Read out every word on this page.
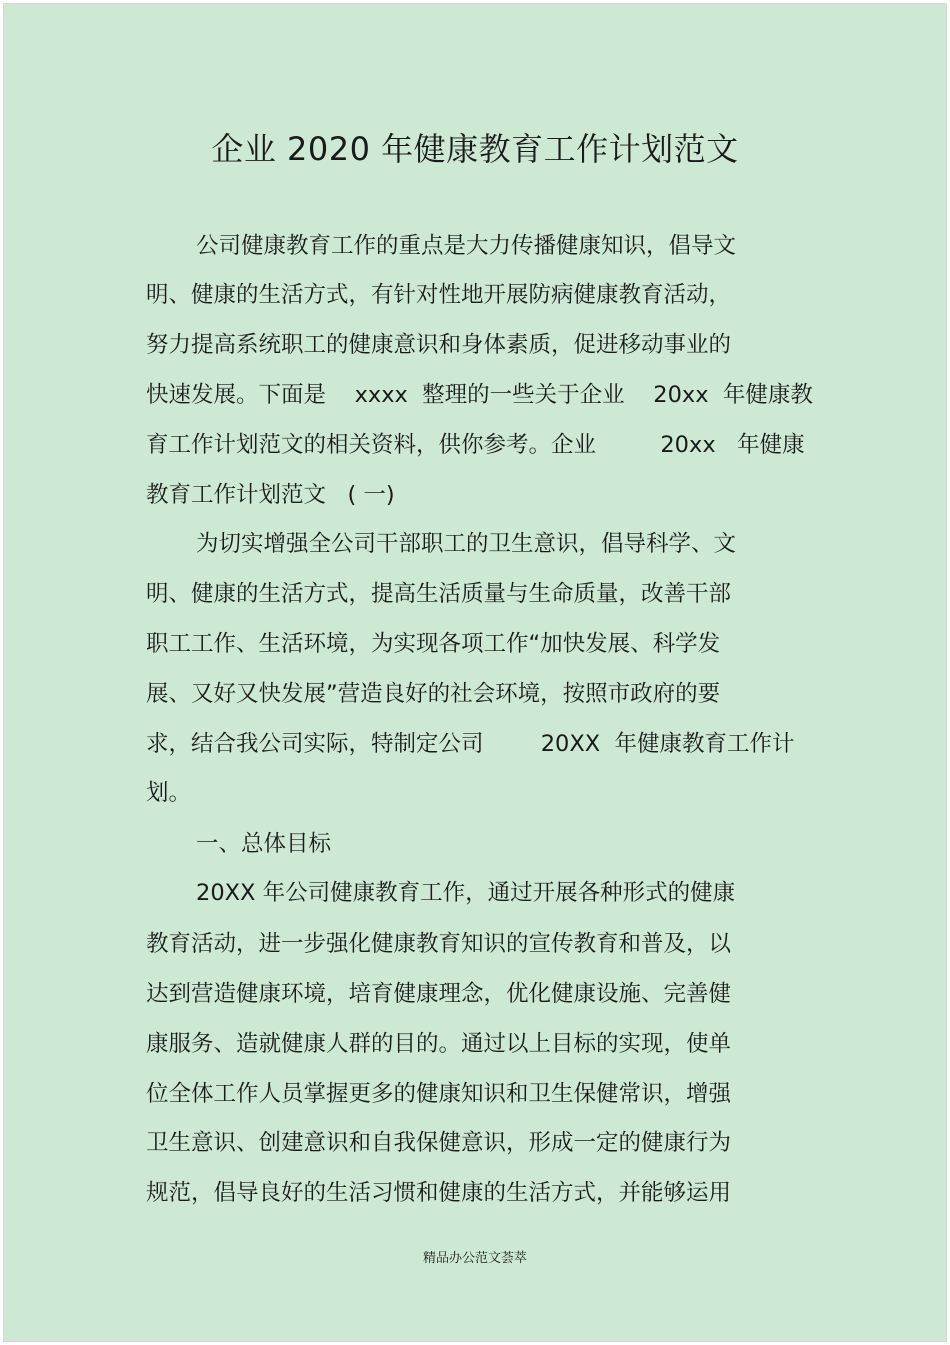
企业 2020 年健康教育工作计划范文

公司健康教育工作的重点是大力传播健康知识，倡导文

明、健康的生活方式，有针对性地开展防病健康教育活动，

努力提高系统职工的健康意识和身体素质，促进移动事业的

快速发展。下面是    xxxx  整理的一些关于企业    20xx  年健康教

育工作计划范文的相关资料，供你参考。企业         20xx   年健康

教育工作计划范文   ( 一)

为切实增强全公司干部职工的卫生意识，倡导科学、文

明、健康的生活方式，提高生活质量与生命质量，改善干部

职工工作、生活环境，为实现各项工作“加快发展、科学发

展、又好又快发展”营造良好的社会环境，按照市政府的要

求，结合我公司实际，特制定公司        20XX  年健康教育工作计

划。

一、总体目标

20XX 年公司健康教育工作，通过开展各种形式的健康

教育活动，进一步强化健康教育知识的宣传教育和普及，以

达到营造健康环境，培育健康理念，优化健康设施、完善健

康服务、造就健康人群的目的。通过以上目标的实现，使单

位全体工作人员掌握更多的健康知识和卫生保健常识，增强

卫生意识、创建意识和自我保健意识，形成一定的健康行为

规范，倡导良好的生活习惯和健康的生活方式，并能够运用

精品办公范文荟萃
